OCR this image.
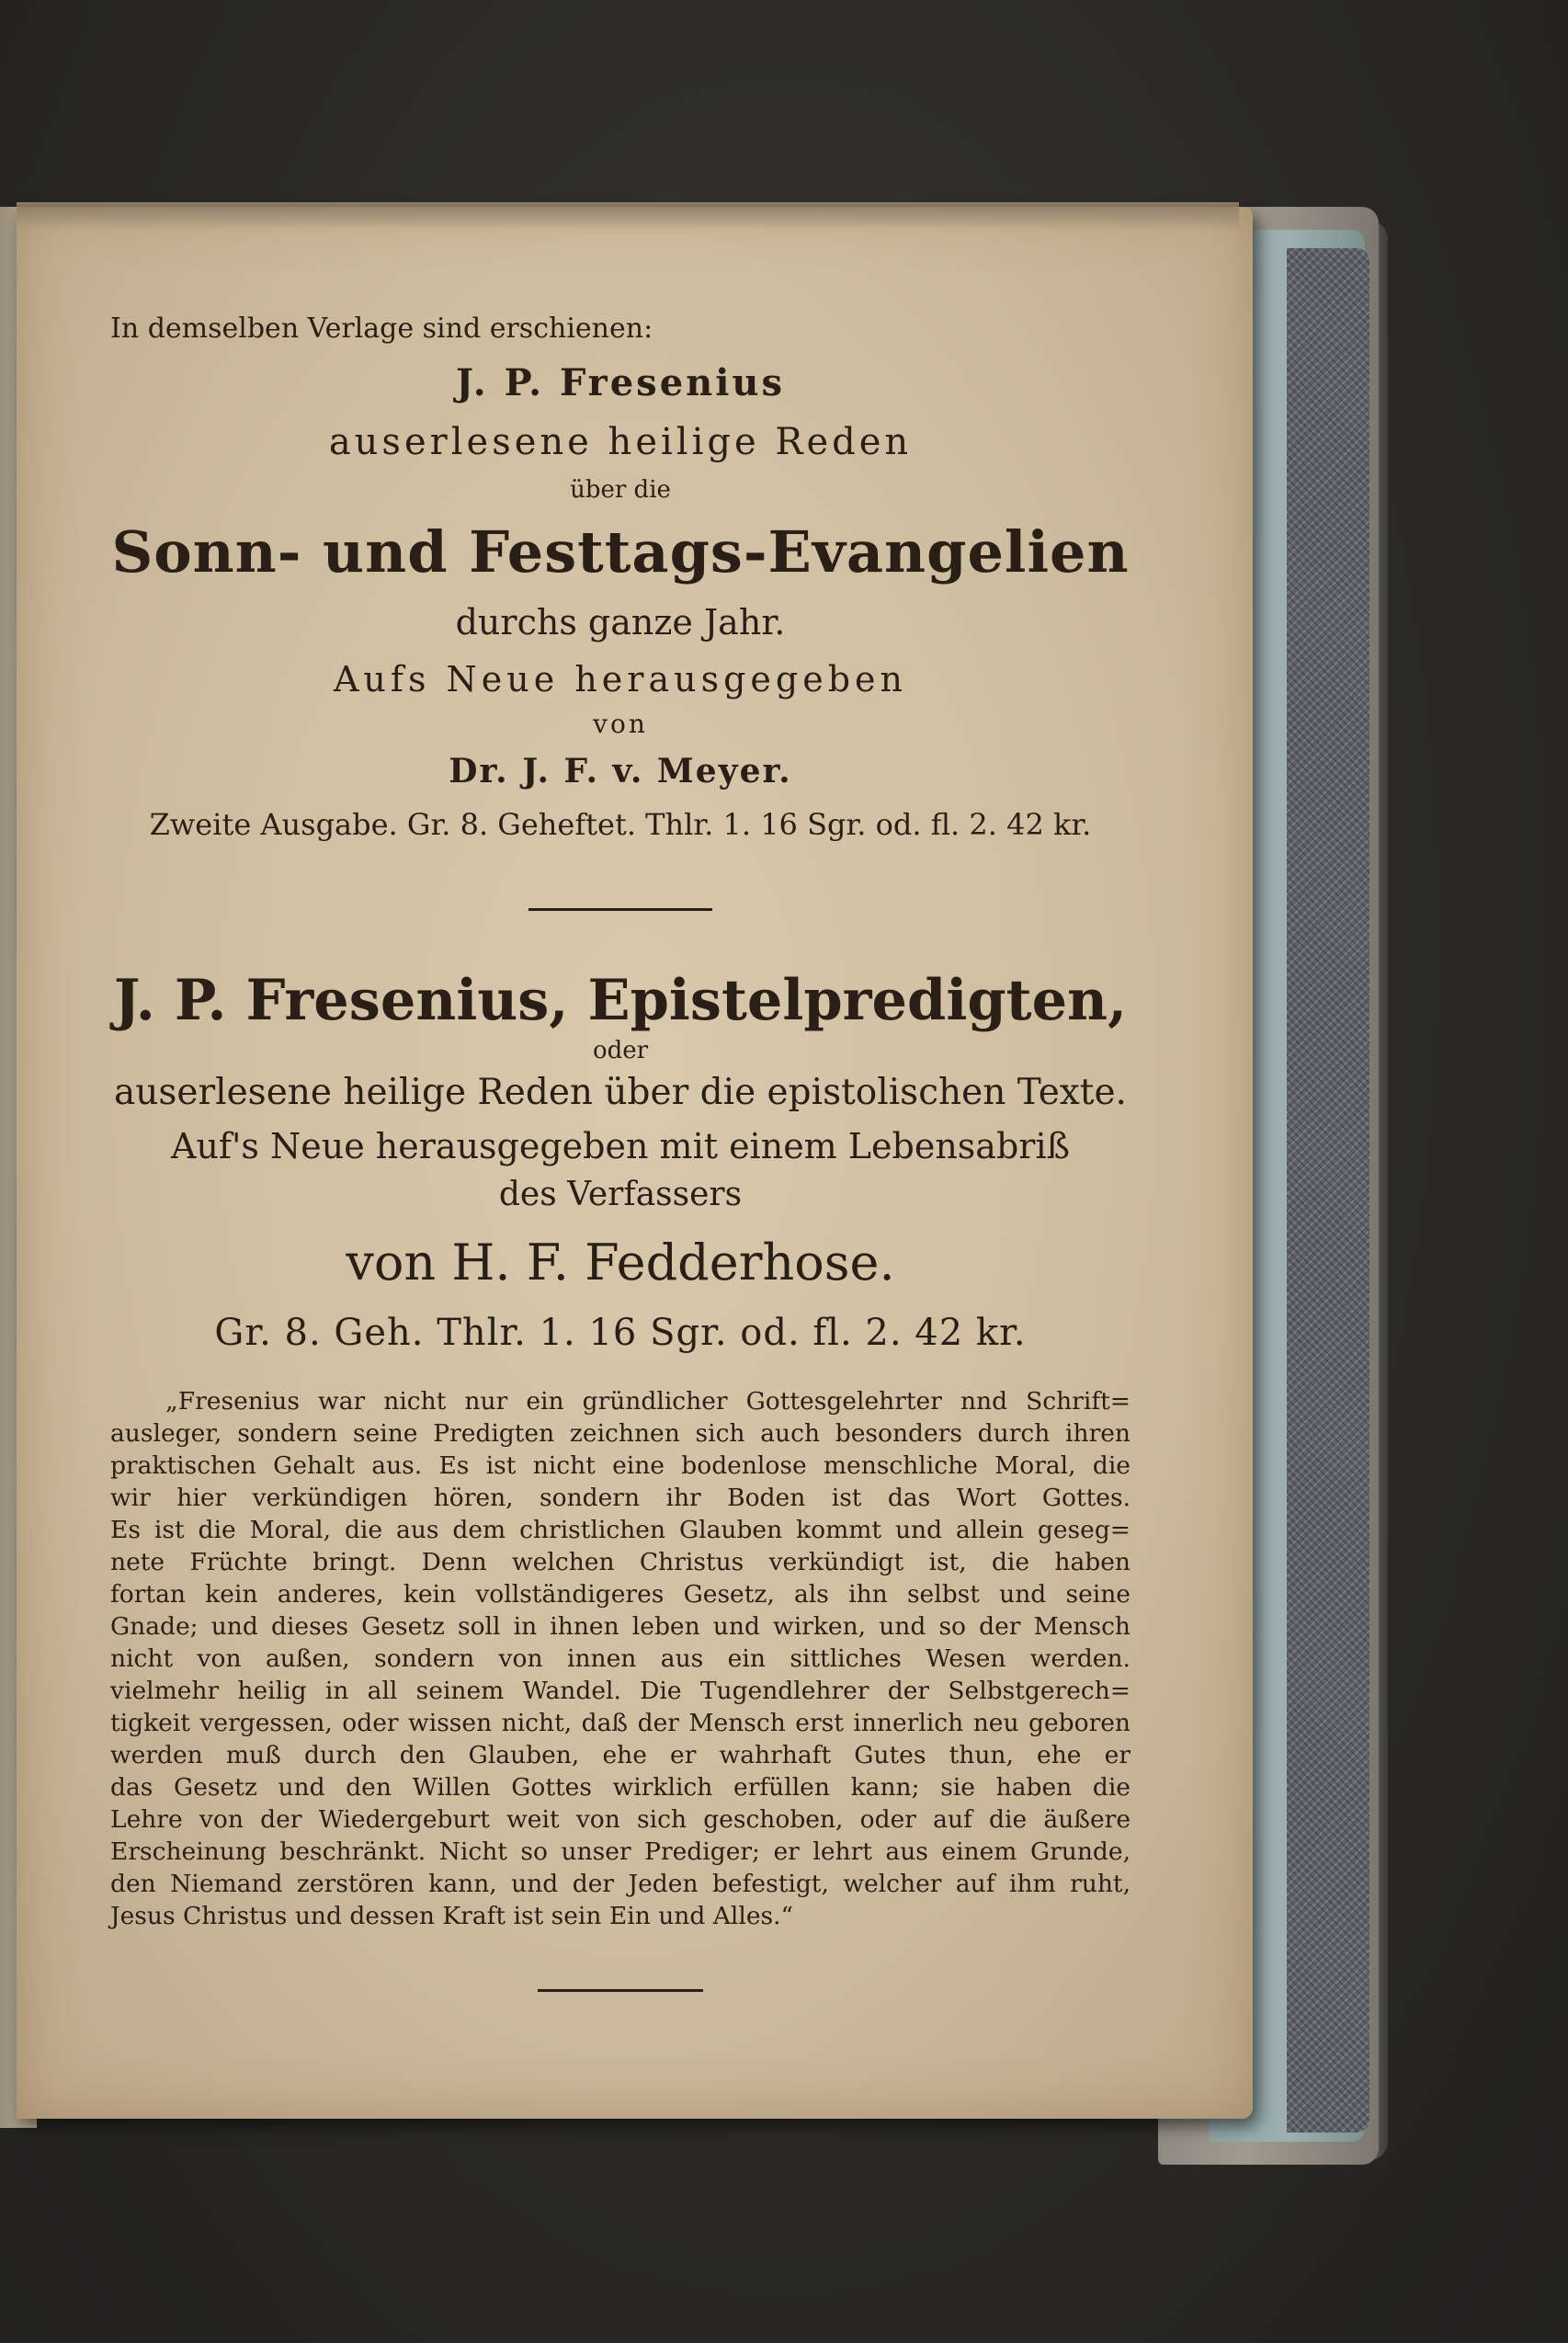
In demselben Verlage sind erschienen:

J. P. Fresenius

auserlesene heilige Reden

über die

Sonn- und Festtags-Evangelien

durchs ganze Jahr.

Aufs Neue herausgegeben

von

Dr. J. F. v. Meyer.

Zweite Ausgabe. Gr. 8. Geheftet. Thlr. 1. 16 Sgr. od. fl. 2. 42 kr.

J. P. Fresenius, Epistelpredigten,

oder

auserlesene heilige Reden über die epistolischen Texte.

Auf's Neue herausgegeben mit einem Lebensabriß

des Verfassers

von H. F. Fedderhose.

Gr. 8. Geh. Thlr. 1. 16 Sgr. od. fl. 2. 42 kr.

„Fresenius war nicht nur ein gründlicher Gottesgelehrter nnd Schrift=
ausleger, sondern seine Predigten zeichnen sich auch besonders durch ihren
praktischen Gehalt aus. Es ist nicht eine bodenlose menschliche Moral, die
wir hier verkündigen hören, sondern ihr Boden ist das Wort Gottes.
Es ist die Moral, die aus dem christlichen Glauben kommt und allein geseg=
nete Früchte bringt. Denn welchen Christus verkündigt ist, die haben
fortan kein anderes, kein vollständigeres Gesetz, als ihn selbst und seine
Gnade; und dieses Gesetz soll in ihnen leben und wirken, und so der Mensch
nicht von außen, sondern von innen aus ein sittliches Wesen werden.
vielmehr heilig in all seinem Wandel. Die Tugendlehrer der Selbstgerech=
tigkeit vergessen, oder wissen nicht, daß der Mensch erst innerlich neu geboren
werden muß durch den Glauben, ehe er wahrhaft Gutes thun, ehe er
das Gesetz und den Willen Gottes wirklich erfüllen kann; sie haben die
Lehre von der Wiedergeburt weit von sich geschoben, oder auf die äußere
Erscheinung beschränkt. Nicht so unser Prediger; er lehrt aus einem Grunde,
den Niemand zerstören kann, und der Jeden befestigt, welcher auf ihm ruht,
Jesus Christus und dessen Kraft ist sein Ein und Alles.“
